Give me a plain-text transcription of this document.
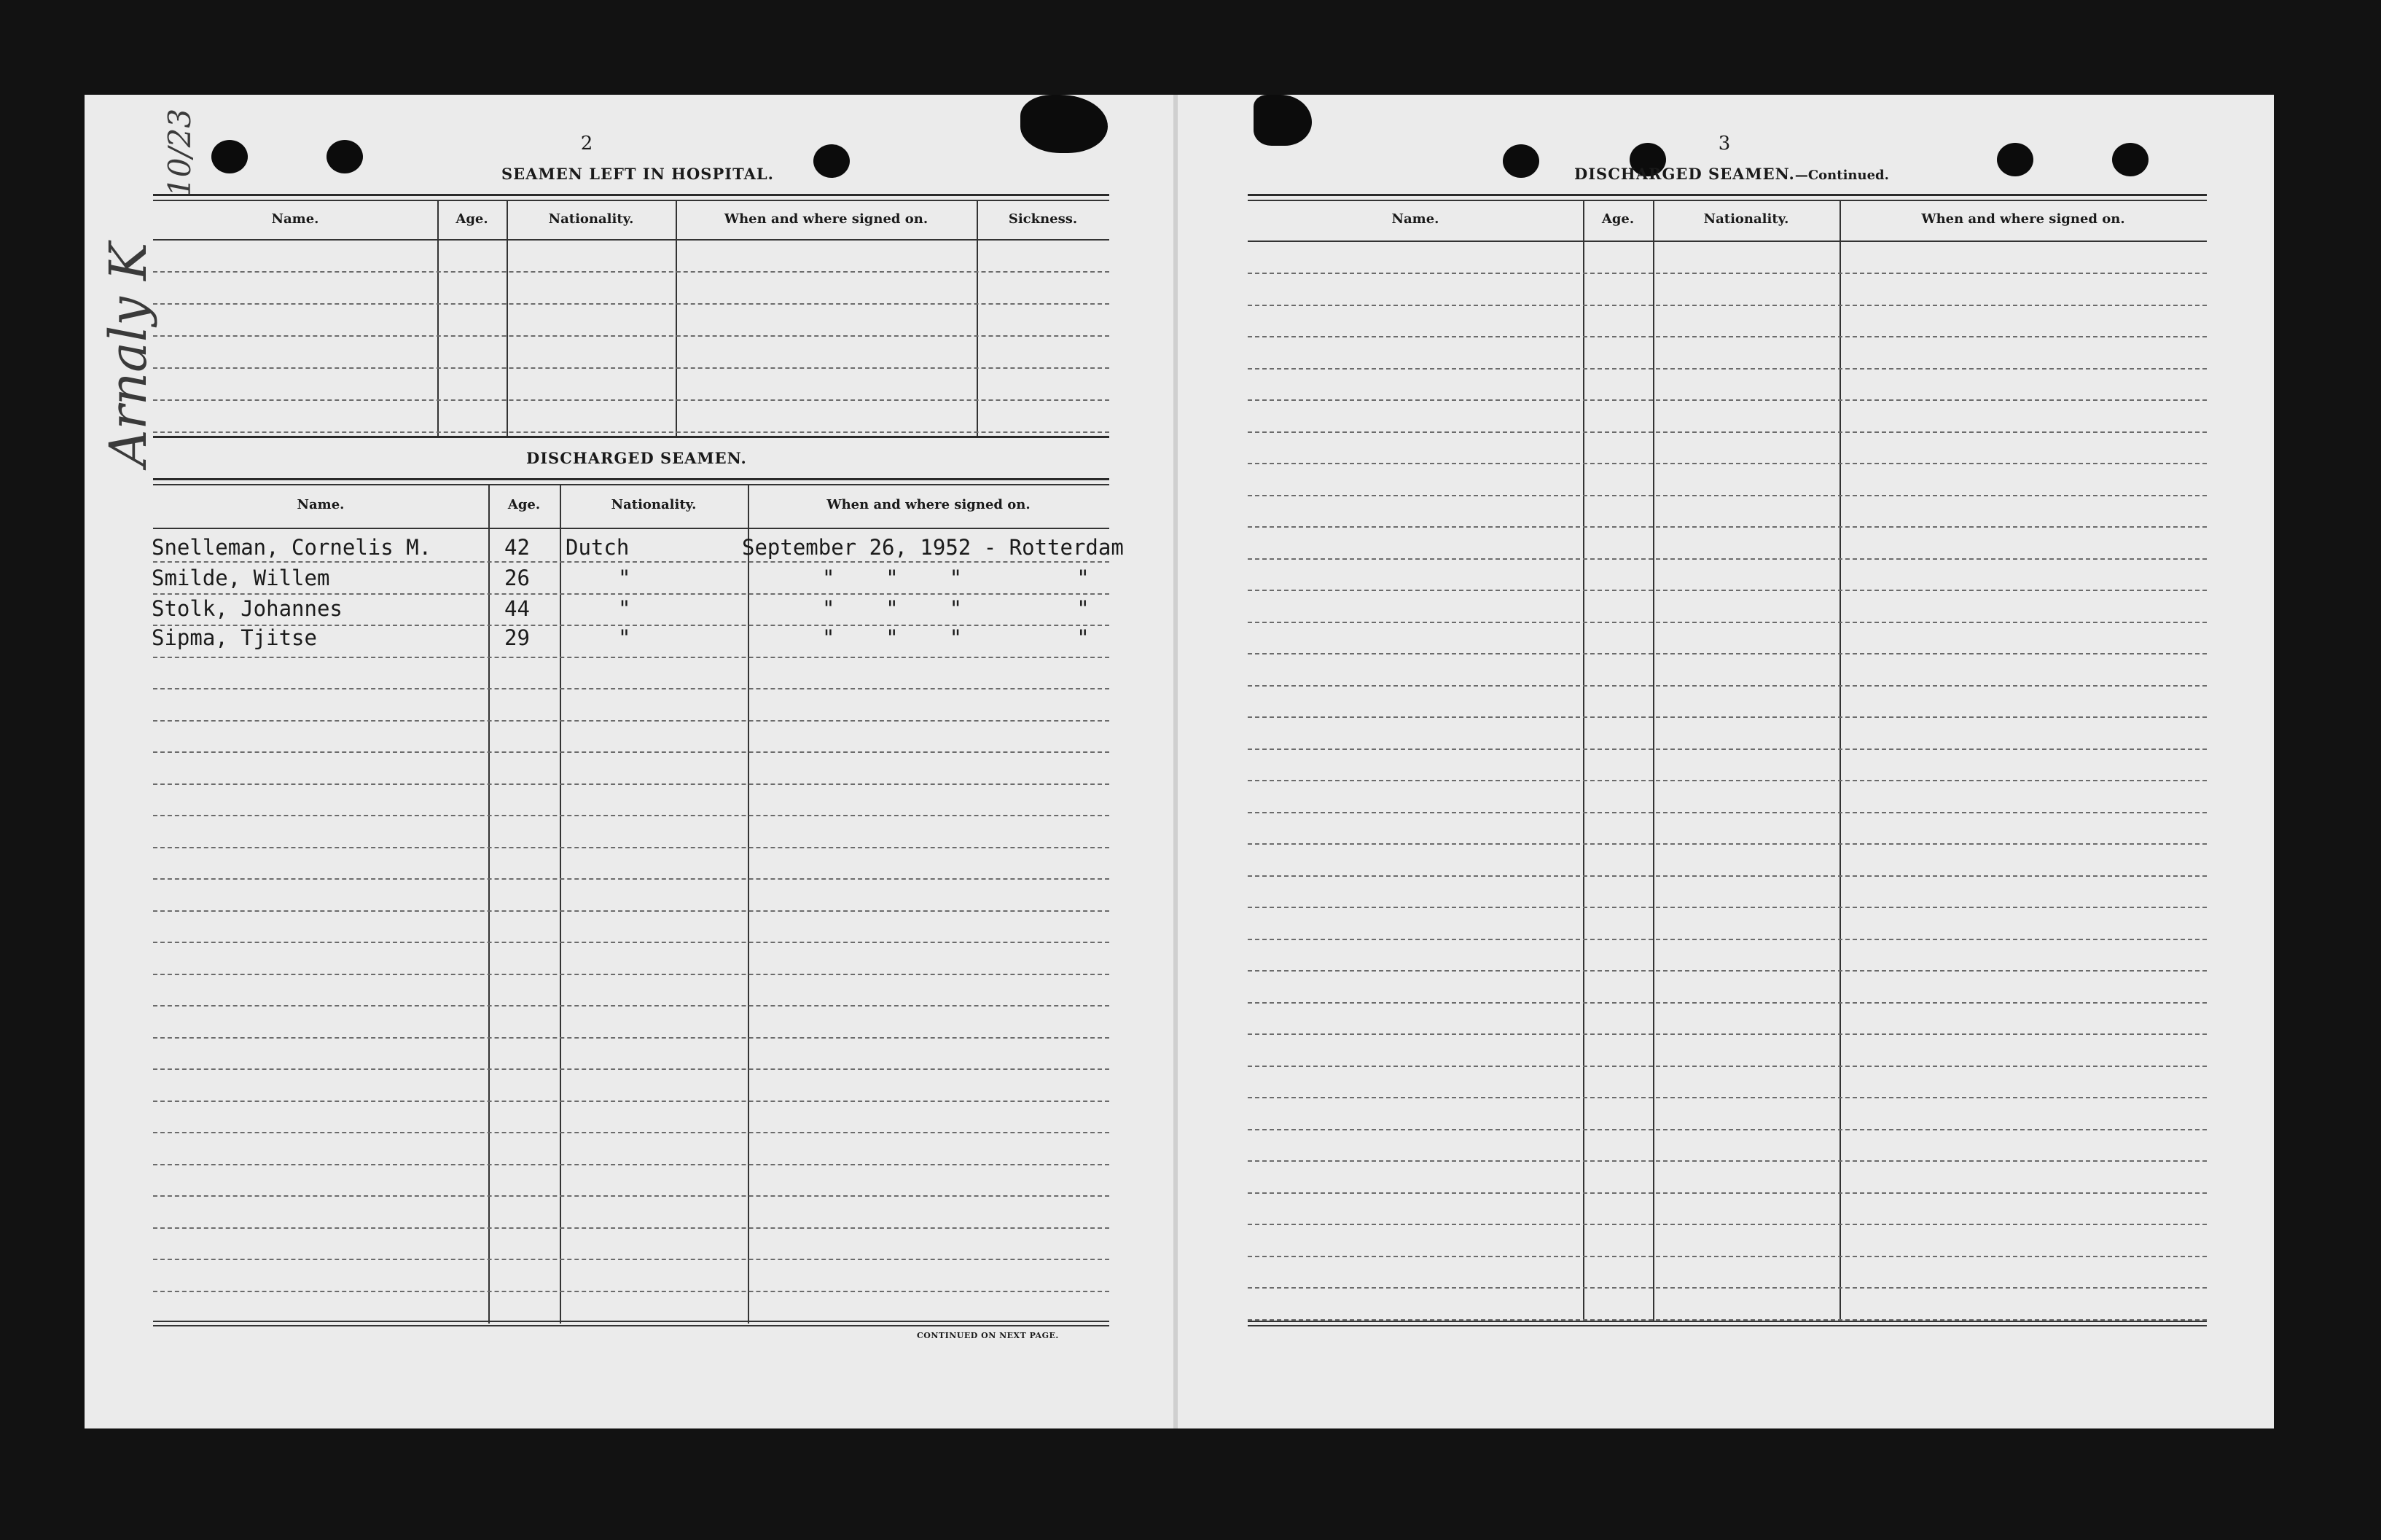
Arnaly K
10/23	2
SEAMEN LEFT IN HOSPITAL.
Name.	Age.	Nationality.	When and where signed on.	Sickness.
DISCHARGED SEAMEN.
Name.	Age.	Nationality.	When and where signed on.
Snelleman, Cornelis M.	42 Dutch	September 26, 1952 - Rotterdam
Smilde, Willem	26	"	"    "    "         "
Stolk, Johannes	44	"	"    "    "         "
Sipma, Tjitse	29	"	"    "    "         "
CONTINUED ON NEXT PAGE.
3
DISCHARGED SEAMEN.—Continued.
Name.	Age.	Nationality.	When and where signed on.
